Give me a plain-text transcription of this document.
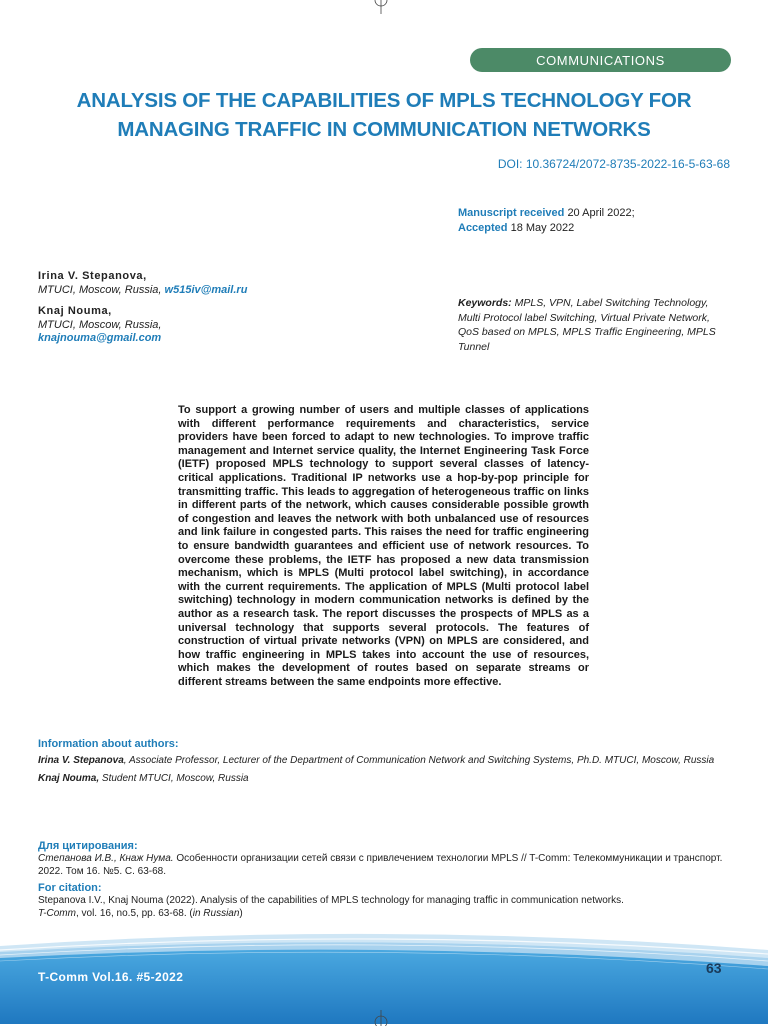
COMMUNICATIONS
ANALYSIS OF THE CAPABILITIES OF MPLS TECHNOLOGY FOR MANAGING TRAFFIC IN COMMUNICATION NETWORKS
DOI: 10.36724/2072-8735-2022-16-5-63-68
Manuscript received 20 April 2022;
Accepted 18 May 2022
Irina V. Stepanova,
MTUCI, Moscow, Russia, w515iv@mail.ru
Knaj Nouma,
MTUCI, Moscow, Russia,
knajnouma@gmail.com
Keywords: MPLS, VPN, Label Switching Technology, Multi Protocol label Switching, Virtual Private Network, QoS based on MPLS, MPLS Traffic Engineering, MPLS Tunnel

To support a growing number of users and multiple classes of applications with different performance requirements and characteristics, service providers have been forced to adapt to new technologies. To improve traffic management and Internet service quality, the Internet Engineering Task Force (IETF) proposed MPLS technology to support several classes of latency-critical applications. Traditional IP networks use a hop-by-pop principle for transmitting traffic. This leads to aggregation of heterogeneous traffic on links in different parts of the network, which causes considerable possible growth of congestion and leaves the network with both unbalanced use of resources and link failure in congested parts. This raises the need for traffic engineering to ensure bandwidth guarantees and efficient use of network resources. To overcome these problems, the IETF has proposed a new data transmission mechanism, which is MPLS (Multi protocol label switching), in accordance with the current requirements. The application of MPLS (Multi protocol label switching) technology in modern communication networks is defined by the author as a research task. The report discusses the prospects of MPLS as a universal technology that supports several protocols. The features of construction of virtual private networks (VPN) on MPLS are considered, and how traffic engineering in MPLS takes into account the use of resources, which makes the development of routes based on separate streams or different streams between the same endpoints more effective.

Information about authors:

Irina V. Stepanova, Associate Professor, Lecturer of the Department of Communication Network and Switching Systems, Ph.D. MTUCI, Moscow, Russia
Knaj Nouma, Student MTUCI, Moscow, Russia

Для цитирования:

Степанова И.В., Кнаж Нума. Особенности организации сетей связи с привлечением технологии MPLS // T-Comm: Телекоммуникации и транспорт. 2022. Том 16. №5. С. 63-68.

For citation:

Stepanova I.V., Knaj Nouma (2022). Analysis of the capabilities of MPLS technology for managing traffic in communication networks.
T-Comm, vol. 16, no.5, pp. 63-68. (in Russian)

T-Comm Vol.16. #5-2022
63
